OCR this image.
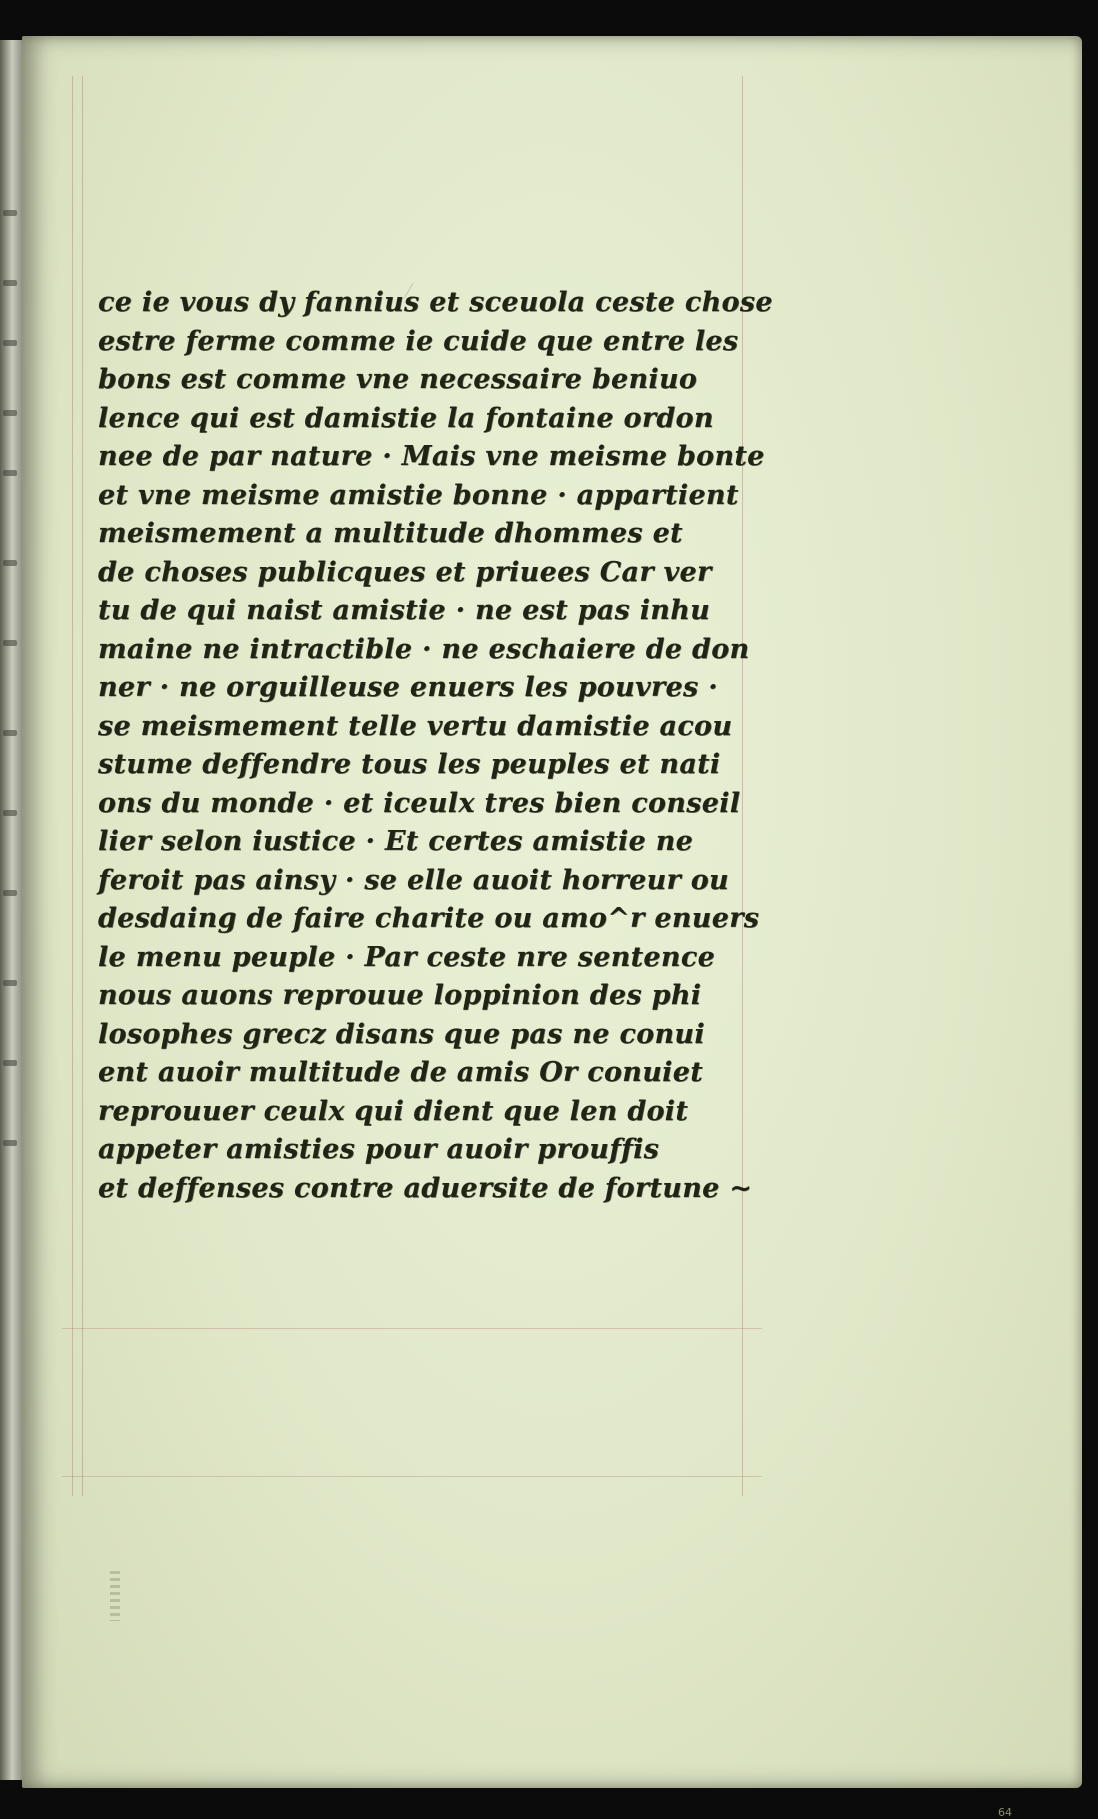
ce ie vous dy fannius et sceuola ceste chose
estre ferme comme ie cuide que entre les
bons est comme vne necessaire beniuo
lence qui est damistie la fontaine ordon
nee de par nature · Mais vne meisme bonte
et vne meisme amistie bonne · appartient
meismement a multitude dhommes et
de choses publicques et priuees Car ver
tu de qui naist amistie · ne est pas inhu
maine ne intractible · ne eschaiere de don
ner · ne orguilleuse enuers les pouvres ·
se meismement telle vertu damistie acou
stume deffendre tous les peuples et nati
ons du monde · et iceulx tres bien conseil
lier selon iustice · Et certes amistie ne
feroit pas ainsy · se elle auoit horreur ou
desdaing de faire charite ou amo^r enuers
le menu peuple · Par ceste nre sentence
nous auons reprouue loppinion des phi
losophes grecz disans que pas ne conui
ent auoir multitude de amis Or conuiet
reprouuer ceulx qui dient que len doit
appeter amisties pour auoir prouffis
et deffenses contre aduersite de fortune ~
64
